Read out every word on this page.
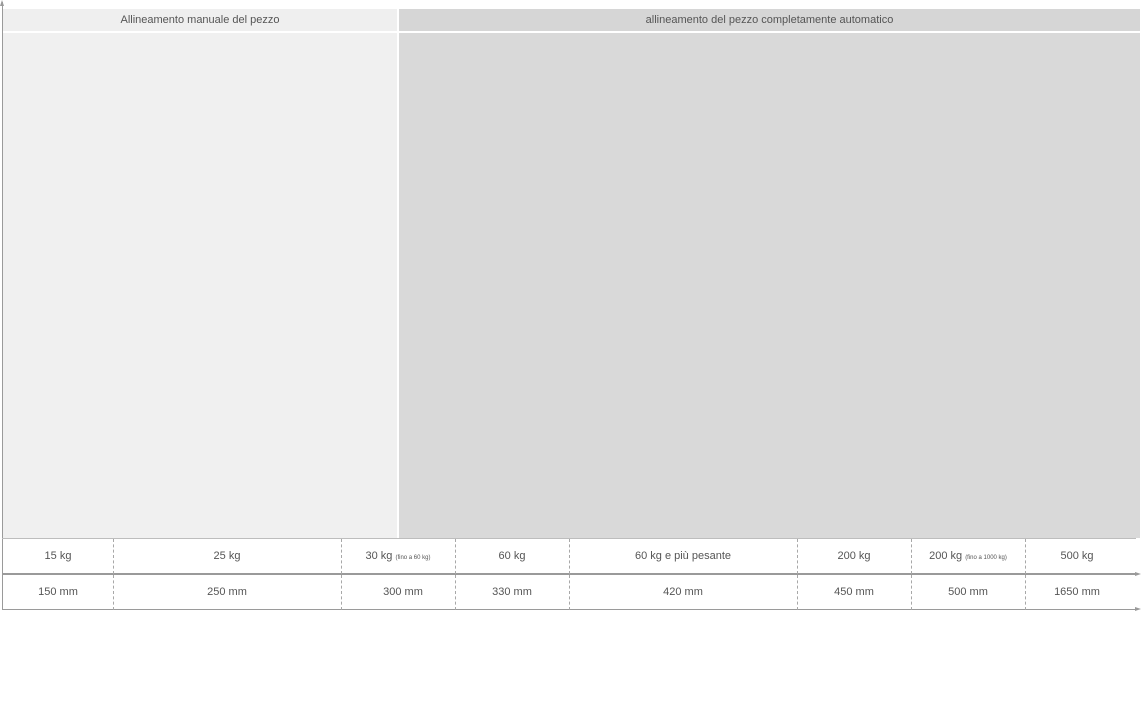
Allineamento manuale del pezzo	allineamento del pezzo completamente automatico
15 kg	25 kg	30 kg (fino a 60 kg)	60 kg	60 kg e più pesante	200 kg	200 kg (fino a 1000 kg)	500 kg
150 mm	250 mm	300 mm	330 mm	420 mm	450 mm	500 mm	1650 mm
